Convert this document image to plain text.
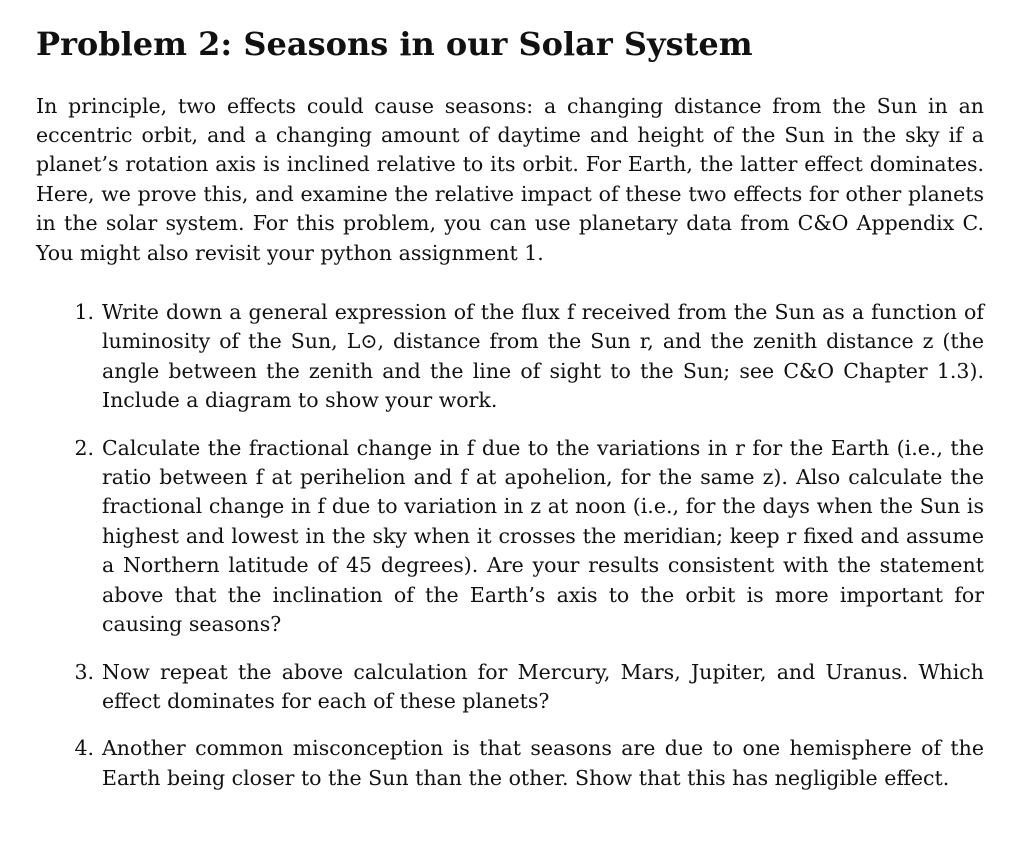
Problem 2: Seasons in our Solar System

In principle, two effects could cause seasons: a changing distance from the Sun in an eccentric orbit, and a changing amount of daytime and height of the Sun in the sky if a planet’s rotation axis is inclined relative to its orbit. For Earth, the latter effect dominates. Here, we prove this, and examine the relative impact of these two effects for other planets in the solar system. For this problem, you can use planetary data from C&O Appendix C. You might also revisit your python assignment 1.

1. Write down a general expression of the flux f received from the Sun as a function of luminosity of the Sun, L⊙, distance from the Sun r, and the zenith distance z (the angle between the zenith and the line of sight to the Sun; see C&O Chapter 1.3). Include a diagram to show your work.
2. Calculate the fractional change in f due to the variations in r for the Earth (i.e., the ratio between f at perihelion and f at apohelion, for the same z). Also calculate the fractional change in f due to variation in z at noon (i.e., for the days when the Sun is highest and lowest in the sky when it crosses the meridian; keep r fixed and assume a Northern latitude of 45 degrees). Are your results consistent with the statement above that the inclination of the Earth’s axis to the orbit is more important for causing seasons?
3. Now repeat the above calculation for Mercury, Mars, Jupiter, and Uranus. Which effect dominates for each of these planets?
4. Another common misconception is that seasons are due to one hemisphere of the Earth being closer to the Sun than the other. Show that this has negligible effect.
